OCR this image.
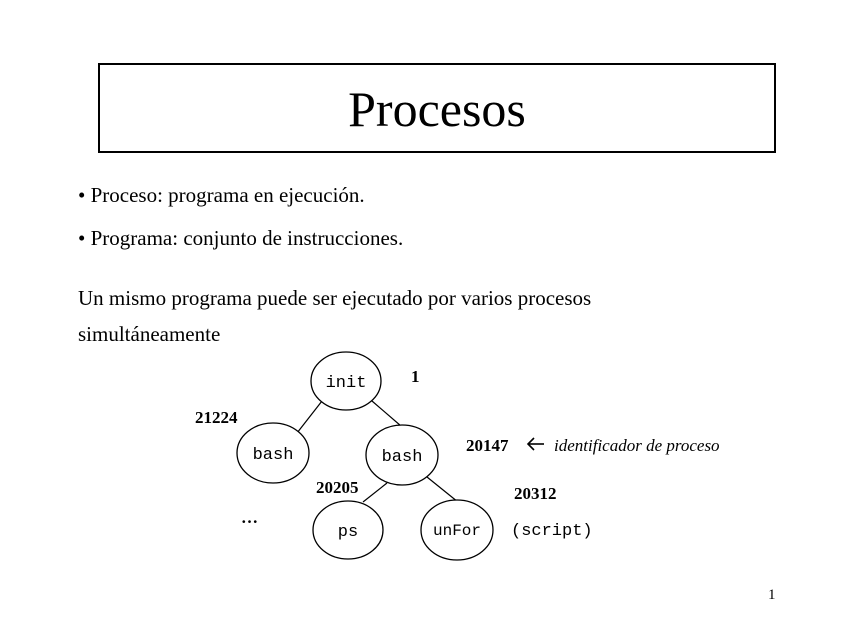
Procesos
• Proceso: programa en ejecución.
• Programa: conjunto de instrucciones.
Un mismo programa puede ser ejecutado por varios procesos
simultáneamente
init
bash	bash
ps	unFor
1
21224
20147
20205	20312
identificador de proceso
…
(script)
1
